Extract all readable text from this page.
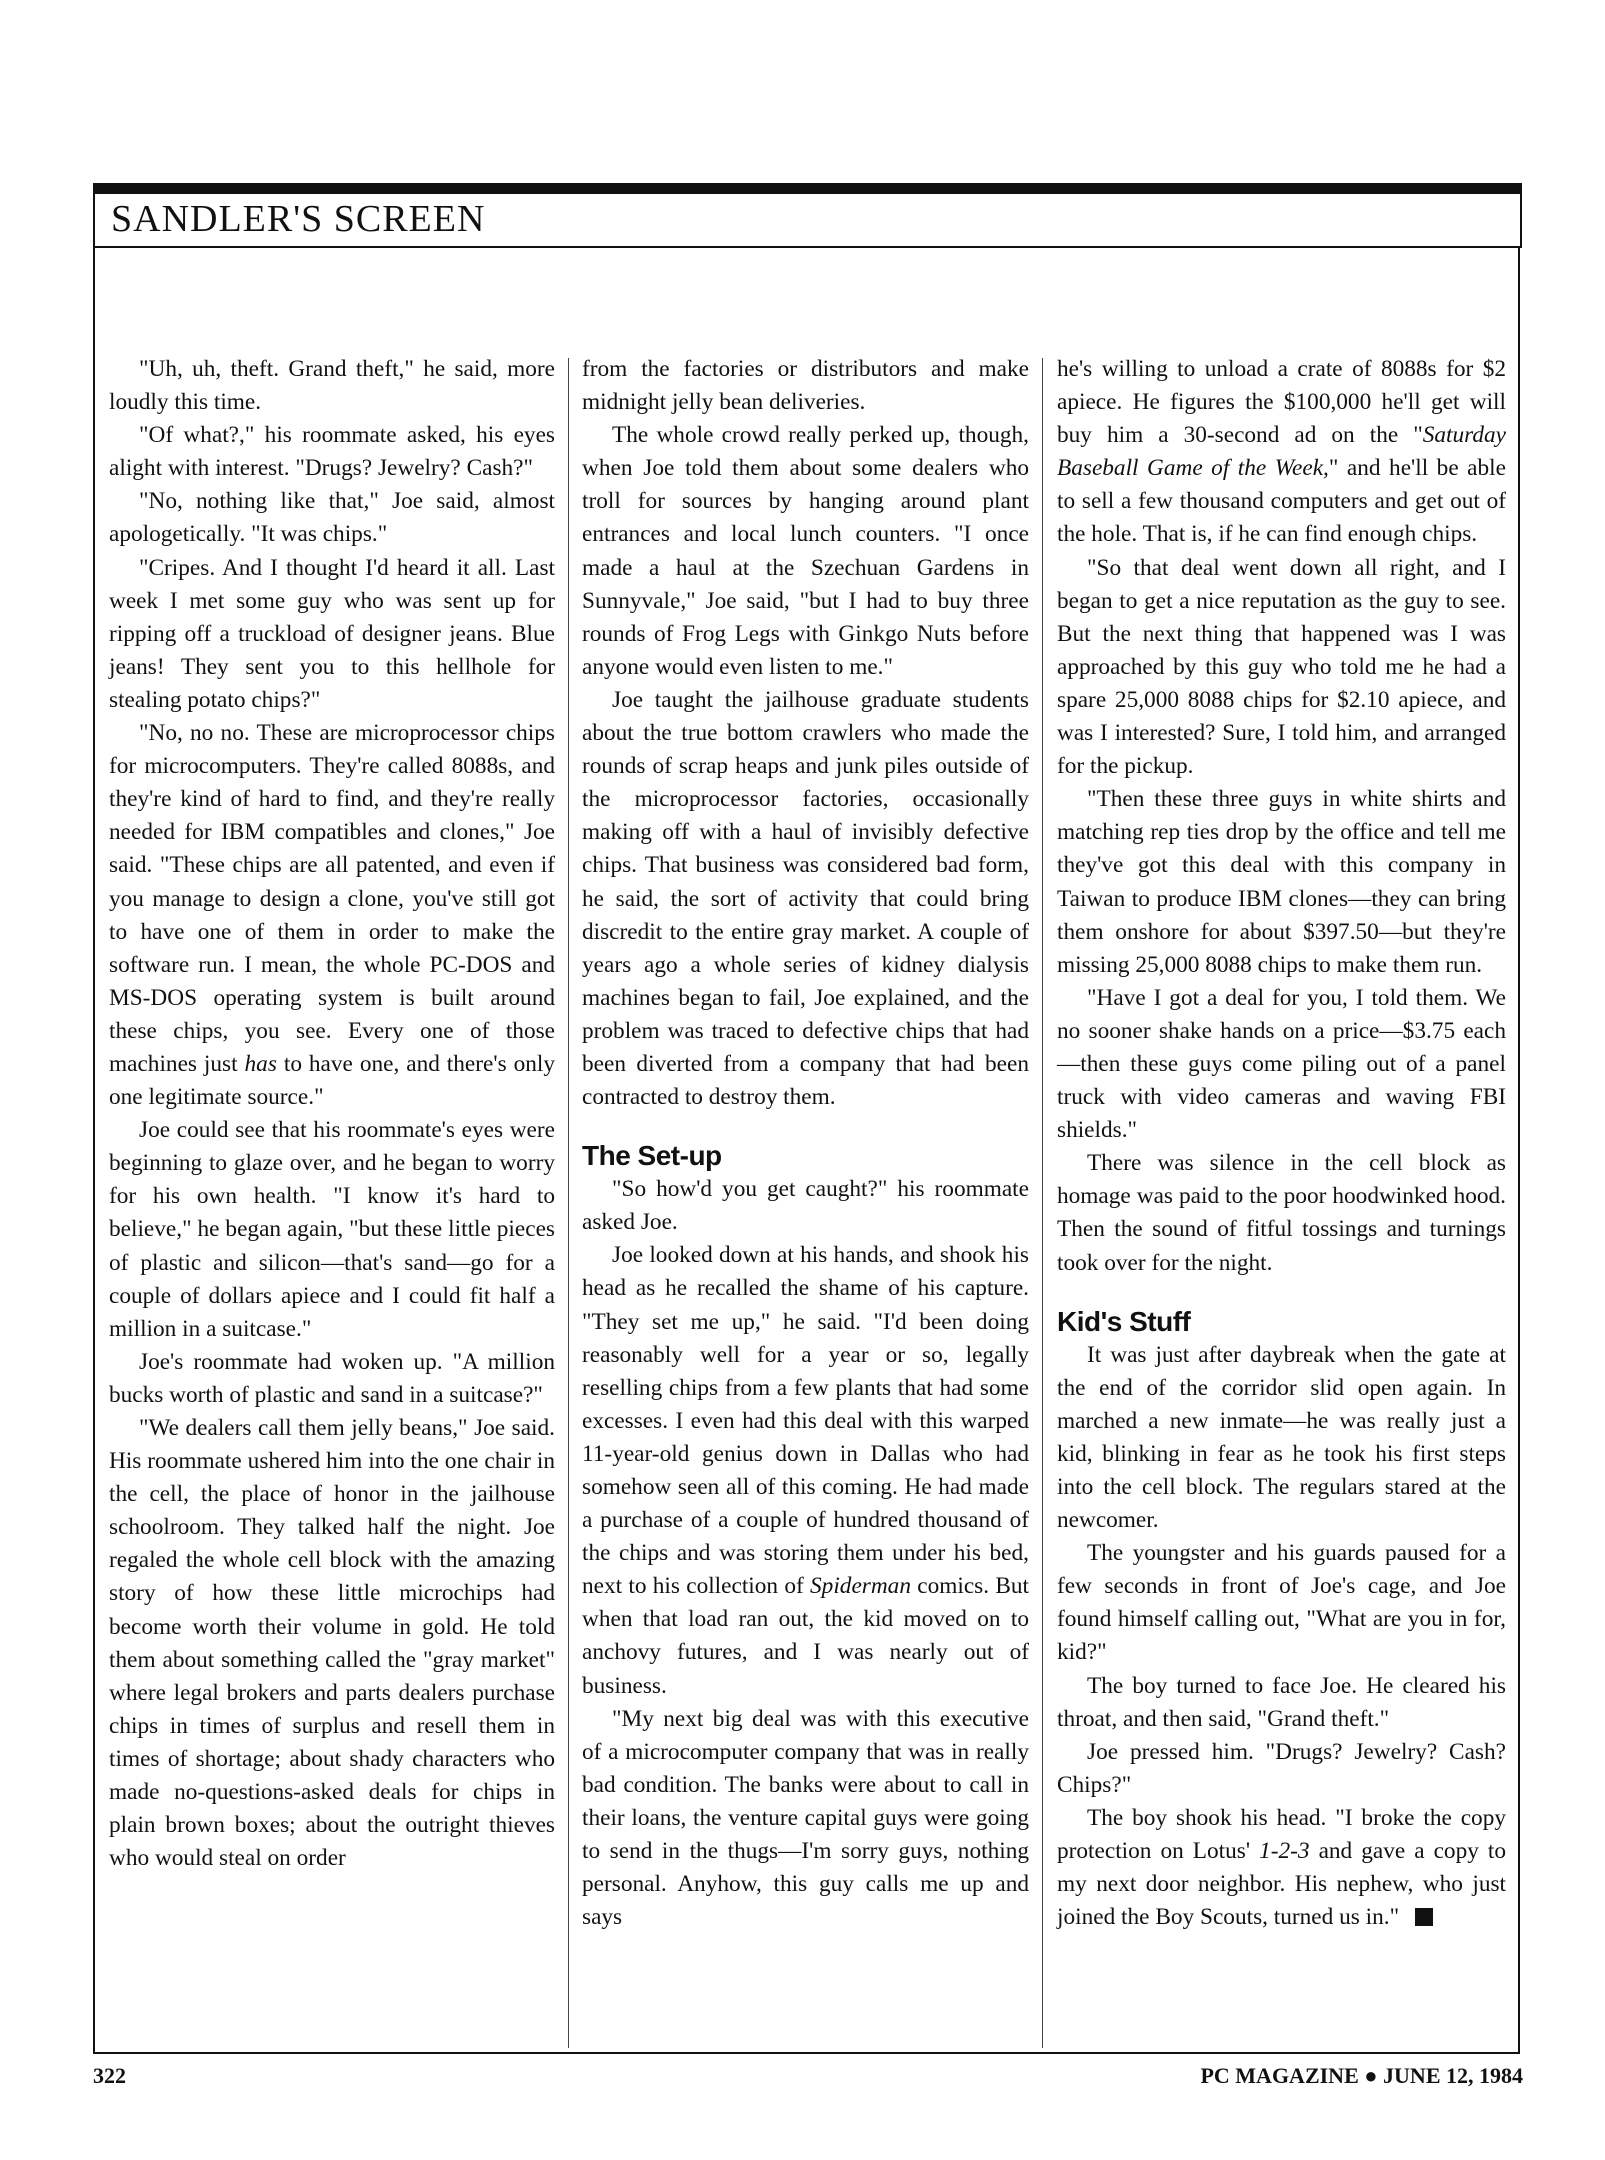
SANDLER'S SCREEN

"Uh, uh, theft. Grand theft," he said, more loudly this time.

"Of what?," his roommate asked, his eyes alight with interest. "Drugs? Jewelry? Cash?"

"No, nothing like that," Joe said, almost apologetically. "It was chips."

"Cripes. And I thought I'd heard it all. Last week I met some guy who was sent up for ripping off a truckload of designer jeans. Blue jeans! They sent you to this hellhole for stealing potato chips?"

"No, no no. These are microprocessor chips for microcomputers. They're called 8088s, and they're kind of hard to find, and they're really needed for IBM compatibles and clones," Joe said. "These chips are all patented, and even if you manage to design a clone, you've still got to have one of them in order to make the software run. I mean, the whole PC-DOS and MS-DOS operating system is built around these chips, you see. Every one of those machines just has to have one, and there's only one legitimate source."

Joe could see that his roommate's eyes were beginning to glaze over, and he began to worry for his own health. "I know it's hard to believe," he began again, "but these little pieces of plastic and silicon—that's sand—go for a couple of dollars apiece and I could fit half a million in a suitcase."

Joe's roommate had woken up. "A million bucks worth of plastic and sand in a suitcase?"

"We dealers call them jelly beans," Joe said. His roommate ushered him into the one chair in the cell, the place of honor in the jailhouse schoolroom. They talked half the night. Joe regaled the whole cell block with the amazing story of how these little microchips had become worth their volume in gold. He told them about something called the "gray market" where legal brokers and parts dealers purchase chips in times of surplus and resell them in times of shortage; about shady characters who made no-questions-asked deals for chips in plain brown boxes; about the outright thieves who would steal on order

from the factories or distributors and make midnight jelly bean deliveries.

The whole crowd really perked up, though, when Joe told them about some dealers who troll for sources by hanging around plant entrances and local lunch counters. "I once made a haul at the Szechuan Gardens in Sunnyvale," Joe said, "but I had to buy three rounds of Frog Legs with Ginkgo Nuts before anyone would even listen to me."

Joe taught the jailhouse graduate students about the true bottom crawlers who made the rounds of scrap heaps and junk piles outside of the microprocessor factories, occasionally making off with a haul of invisibly defective chips. That business was considered bad form, he said, the sort of activity that could bring discredit to the entire gray market. A couple of years ago a whole series of kidney dialysis machines began to fail, Joe explained, and the problem was traced to defective chips that had been diverted from a company that had been contracted to destroy them.

The Set-up

"So how'd you get caught?" his roommate asked Joe.

Joe looked down at his hands, and shook his head as he recalled the shame of his capture. "They set me up," he said. "I'd been doing reasonably well for a year or so, legally reselling chips from a few plants that had some excesses. I even had this deal with this warped 11-year-old genius down in Dallas who had somehow seen all of this coming. He had made a purchase of a couple of hundred thousand of the chips and was storing them under his bed, next to his collection of Spiderman comics. But when that load ran out, the kid moved on to anchovy futures, and I was nearly out of business.

"My next big deal was with this executive of a microcomputer company that was in really bad condition. The banks were about to call in their loans, the venture capital guys were going to send in the thugs—I'm sorry guys, nothing personal. Anyhow, this guy calls me up and says

he's willing to unload a crate of 8088s for $2 apiece. He figures the $100,000 he'll get will buy him a 30-second ad on the "Saturday Baseball Game of the Week," and he'll be able to sell a few thousand computers and get out of the hole. That is, if he can find enough chips.

"So that deal went down all right, and I began to get a nice reputation as the guy to see. But the next thing that happened was I was approached by this guy who told me he had a spare 25,000 8088 chips for $2.10 apiece, and was I interested? Sure, I told him, and arranged for the pickup.

"Then these three guys in white shirts and matching rep ties drop by the office and tell me they've got this deal with this company in Taiwan to produce IBM clones—they can bring them onshore for about $397.50—but they're missing 25,000 8088 chips to make them run.

"Have I got a deal for you, I told them. We no sooner shake hands on a price—$3.75 each—then these guys come piling out of a panel truck with video cameras and waving FBI shields."

There was silence in the cell block as homage was paid to the poor hoodwinked hood. Then the sound of fitful tossings and turnings took over for the night.

Kid's Stuff

It was just after daybreak when the gate at the end of the corridor slid open again. In marched a new inmate—he was really just a kid, blinking in fear as he took his first steps into the cell block. The regulars stared at the newcomer.

The youngster and his guards paused for a few seconds in front of Joe's cage, and Joe found himself calling out, "What are you in for, kid?"

The boy turned to face Joe. He cleared his throat, and then said, "Grand theft."

Joe pressed him. "Drugs? Jewelry? Cash? Chips?"

The boy shook his head. "I broke the copy protection on Lotus' 1-2-3 and gave a copy to my next door neighbor. His nephew, who just joined the Boy Scouts, turned us in."

322	PC MAGAZINE ● JUNE 12, 1984
